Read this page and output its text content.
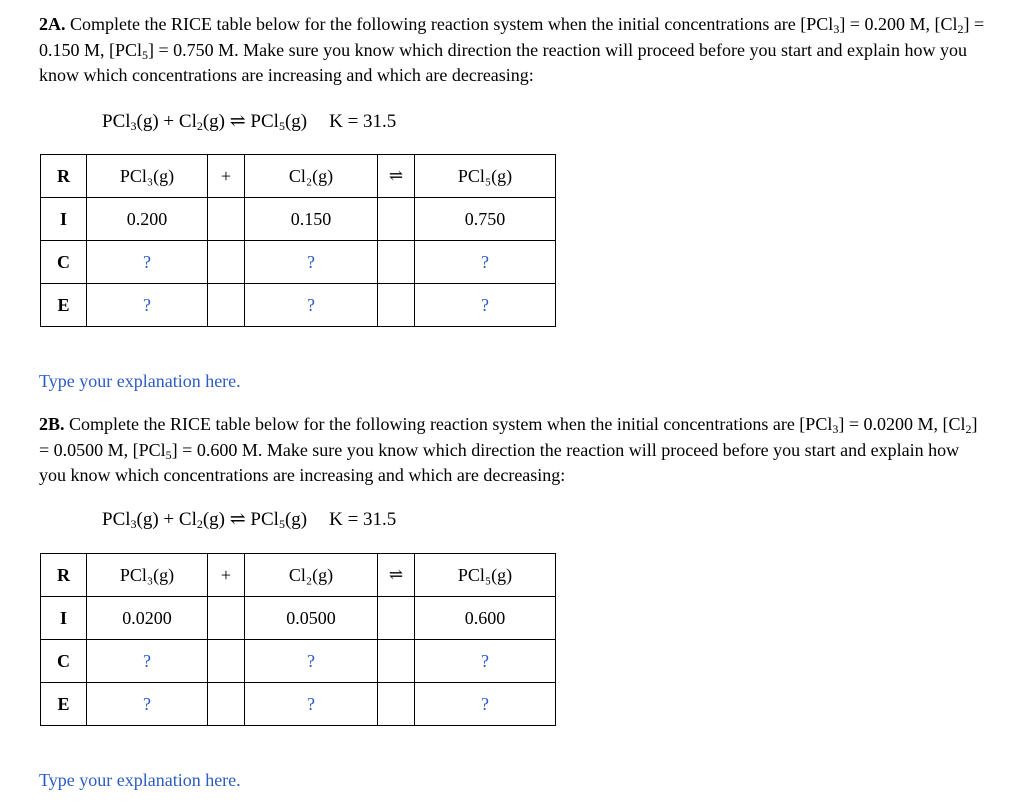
2A. Complete the RICE table below for the following reaction system when the initial concentrations are [PCl$_3$] = 0.200 M, $[Cl_2] = 0.150$ M, [PCl$_5$] = 0.750 M. Make sure you know which direction the reaction will proceed before you start and explain how you know which concentrations are increasing and which are decreasing:
$PCl_3(g) + Cl_2(g)$ ⇌ PCl$_5$(g) K = 31.5
R	PCl₃(g)	+	Cl₂(g)	⇌	PCl₅(g)
I	0.200		0.150		0.750
C	?		?		?
E	?		?		?
Type your explanation here.
2B. Complete the RICE table below for the following reaction system when the initial concentrations are [PCl$_3$] = 0.0200 M, $[Cl_2] = 0.0500$ M, [PCl$_5$] = 0.600 M. Make sure you know which direction the reaction will proceed before you start and explain how you know which concentrations are increasing and which are decreasing:
$PCl_3(g) + Cl_2(g)$ ⇌ PCl$_5$(g) K = 31.5
R	PCl₃(g)	+	Cl₂(g)	⇌	PCl₅(g)
I	0.0200		0.0500		0.600
C	?		?		?
E	?		?		?
Type your explanation here.
